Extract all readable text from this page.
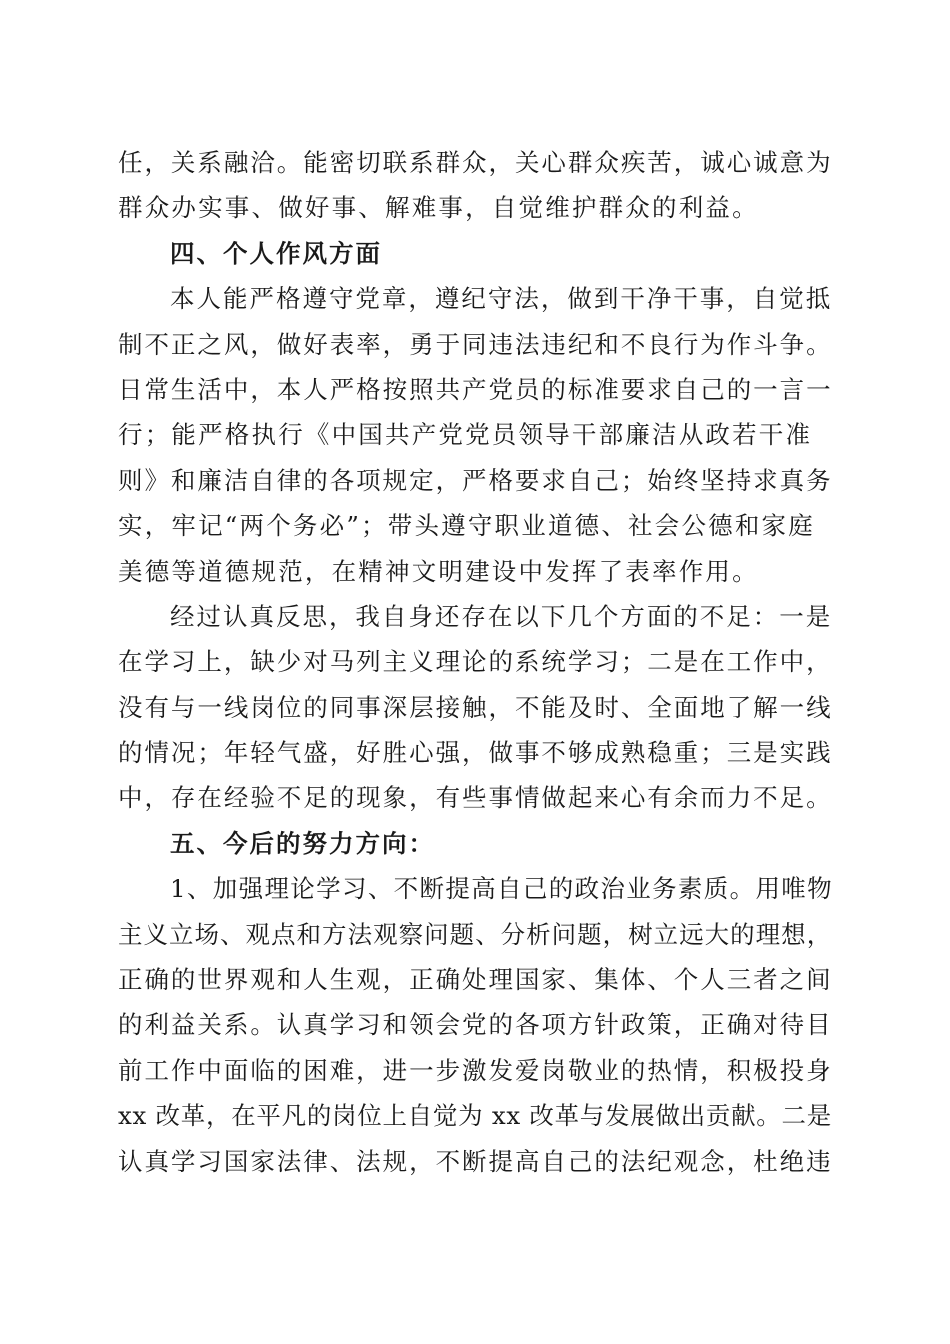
任，关系融洽。能密切联系群众，关心群众疾苦，诚心诚意为
群众办实事、做好事、解难事，自觉维护群众的利益。
四、个人作风方面
本人能严格遵守党章，遵纪守法，做到干净干事，自觉抵
制不正之风，做好表率，勇于同违法违纪和不良行为作斗争。
日常生活中，本人严格按照共产党员的标准要求自己的一言一
行；能严格执行《中国共产党党员领导干部廉洁从政若干准
则》和廉洁自律的各项规定，严格要求自己；始终坚持求真务
实，牢记“两个务必”；带头遵守职业道德、社会公德和家庭
美德等道德规范，在精神文明建设中发挥了表率作用。
经过认真反思，我自身还存在以下几个方面的不足：一是
在学习上，缺少对马列主义理论的系统学习；二是在工作中，
没有与一线岗位的同事深层接触，不能及时、全面地了解一线
的情况；年轻气盛，好胜心强，做事不够成熟稳重；三是实践
中，存在经验不足的现象，有些事情做起来心有余而力不足。
五、今后的努力方向：
1、加强理论学习、不断提高自己的政治业务素质。用唯物
主义立场、观点和方法观察问题、分析问题，树立远大的理想，
正确的世界观和人生观，正确处理国家、集体、个人三者之间
的利益关系。认真学习和领会党的各项方针政策，正确对待目
前工作中面临的困难，进一步激发爱岗敬业的热情，积极投身
xx 改革，在平凡的岗位上自觉为 xx 改革与发展做出贡献。二是
认真学习国家法律、法规，不断提高自己的法纪观念，杜绝违
